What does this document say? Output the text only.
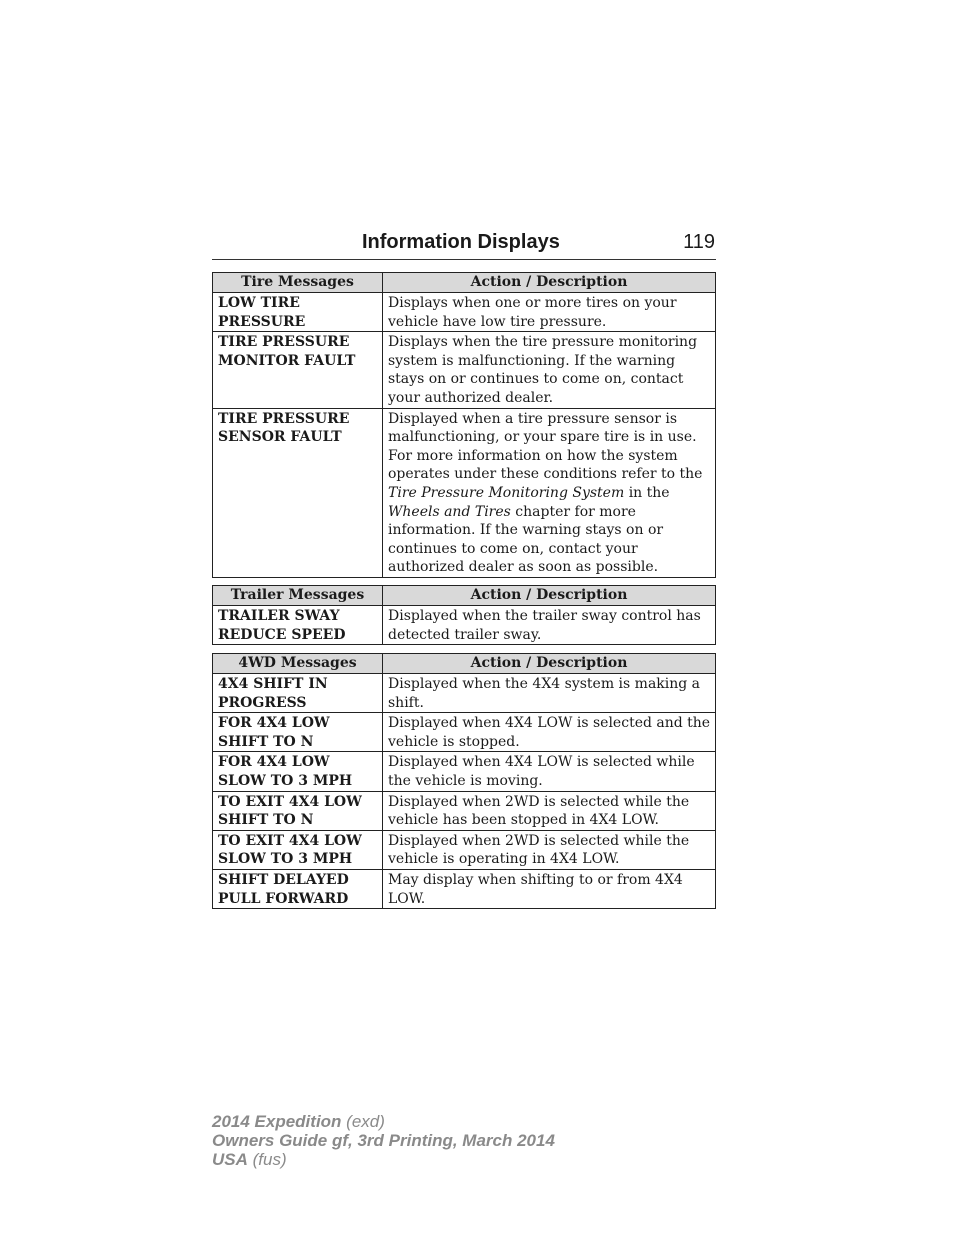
Information Displays	119
Tire Messages	Action / Description
LOW TIRE PRESSURE	Displays when one or more tires on your vehicle have low tire pressure.
TIRE PRESSURE MONITOR FAULT	Displays when the tire pressure monitoring system is malfunctioning. If the warning stays on or continues to come on, contact your authorized dealer.
TIRE PRESSURE SENSOR FAULT	Displayed when a tire pressure sensor is malfunctioning, or your spare tire is in use. For more information on how the system operates under these conditions refer to the Tire Pressure Monitoring System in the Wheels and Tires chapter for more information. If the warning stays on or continues to come on, contact your authorized dealer as soon as possible.
Trailer Messages	Action / Description
TRAILER SWAY REDUCE SPEED	Displayed when the trailer sway control has detected trailer sway.
4WD Messages	Action / Description
4X4 SHIFT IN PROGRESS	Displayed when the 4X4 system is making a shift.
FOR 4X4 LOW SHIFT TO N	Displayed when 4X4 LOW is selected and the vehicle is stopped.
FOR 4X4 LOW SLOW TO 3 MPH	Displayed when 4X4 LOW is selected while the vehicle is moving.
TO EXIT 4X4 LOW SHIFT TO N	Displayed when 2WD is selected while the vehicle has been stopped in 4X4 LOW.
TO EXIT 4X4 LOW SLOW TO 3 MPH	Displayed when 2WD is selected while the vehicle is operating in 4X4 LOW.
SHIFT DELAYED PULL FORWARD	May display when shifting to or from 4X4 LOW.
2014 Expedition (exd)
Owners Guide gf, 3rd Printing, March 2014
USA (fus)
